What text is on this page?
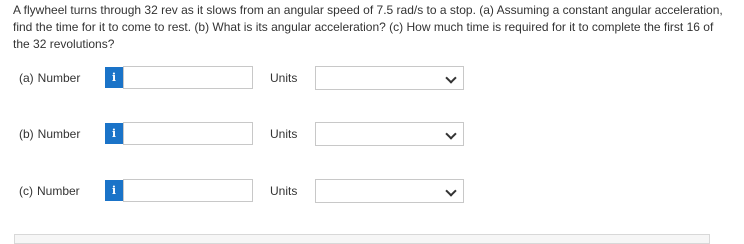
A flywheel turns through 32 rev as it slows from an angular speed of 7.5 rad/s to a stop. (a) Assuming a constant angular acceleration, find the time for it to come to rest. (b) What is its angular acceleration? (c) How much time is required for it to complete the first 16 of the 32 revolutions?
(a) Number	i	Units
(b) Number	i	Units
(c) Number	i	Units
